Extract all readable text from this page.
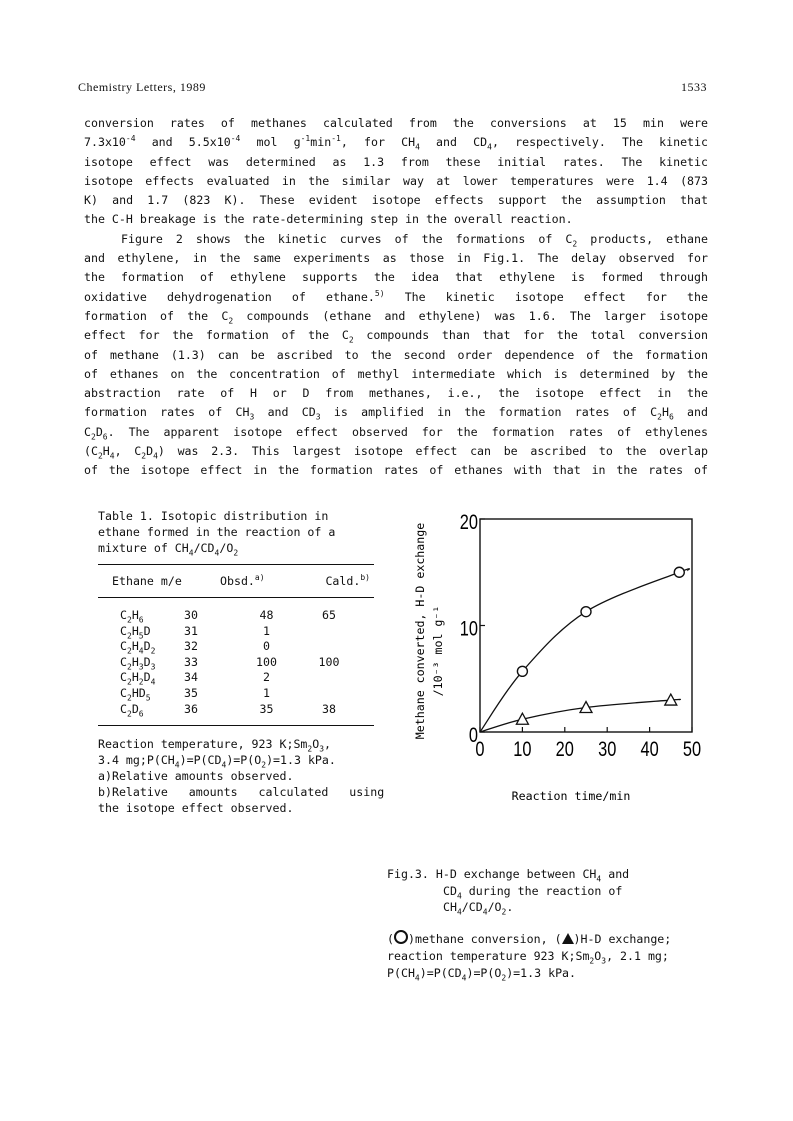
Chemistry Letters, 1989	1533
conversion rates of methanes calculated from the conversions at 15 min were
$7.3x10^{-4}$ and $5.5x10^{-4}$ mol $g^{-1}\min^{-1}$, for $CH_4$ and $CD_4$, respectively. The kinetic
isotope effect was determined as 1.3 from these initial rates. The kinetic
isotope effects evaluated in the similar way at lower temperatures were 1.4 (873
K) and 1.7 (823 K). These evident isotope effects support the assumption that
the C-H breakage is the rate-determining step in the overall reaction.
Figure 2 shows the kinetic curves of the formations of $C_2$ products, ethane
and ethylene, in the same experiments as those in Fig.1. The delay observed for
the formation of ethylene supports the idea that ethylene is formed through
oxidative dehydrogenation of ethane.$^{5)}$ The kinetic isotope effect for the
formation of the $C_2$ compounds (ethane and ethylene) was 1.6. The larger isotope
effect for the formation of the $C_2$ compounds than that for the total conversion
of methane (1.3) can be ascribed to the second order dependence of the formation
of ethanes on the concentration of methyl intermediate which is determined by the
abstraction rate of H or D from methanes, i.e., the isotope effect in the
formation rates of $CH_3$ and $CD_3$ is amplified in the formation rates of $C_2H_6$ and
$C_2D_6$. The apparent isotope effect observed for the formation rates of ethylenes
($C_2H_4$, $C_2D_4$) was 2.3. This largest isotope effect can be ascribed to the overlap
of the isotope effect in the formation rates of ethanes with that in the rates of
Table 1. Isotopic distribution in
ethane formed in the reaction of a
mixture of $CH_4/CD_4/O_2$
Ethane m/e	Obsd.$^{a)}$	Cald.$^{b)}$
$C_2H_6$	30	48	65
$C_2H_5D$	31	1
$C_2H_4D_2$	32	0
$C_2H_3D_3$	33	100	100
$C_2H_2D_4$	34	2
$C_2HD_5$	35	1
$C_2D_6$	36	35	38
Reaction temperature, 923 $K;Sm_2O_3$,
3.4 $mg;P(CH_4)=P(CD_4)=P(O_2)=1.3$ kPa.
a)Relative amounts observed.
b)Relative   amounts   calculated   using
the isotope effect observed.
0 10 20 30 40 50
0
10
20
Reaction time/min
Methane converted, H-D exchange /10⁻³ mol g⁻¹
Fig.3. H-D exchange between $CH_4$ and
$CD_4$ during the reaction of
$CH_4/CD_4/O_2$.
( )methane conversion, ( )H-D exchange;
reaction temperature 923 $K;Sm_2O_3$, 2.1 mg;
$P(CH_4)=P(CD_4)=P(O_2)=1.3$ kPa.
